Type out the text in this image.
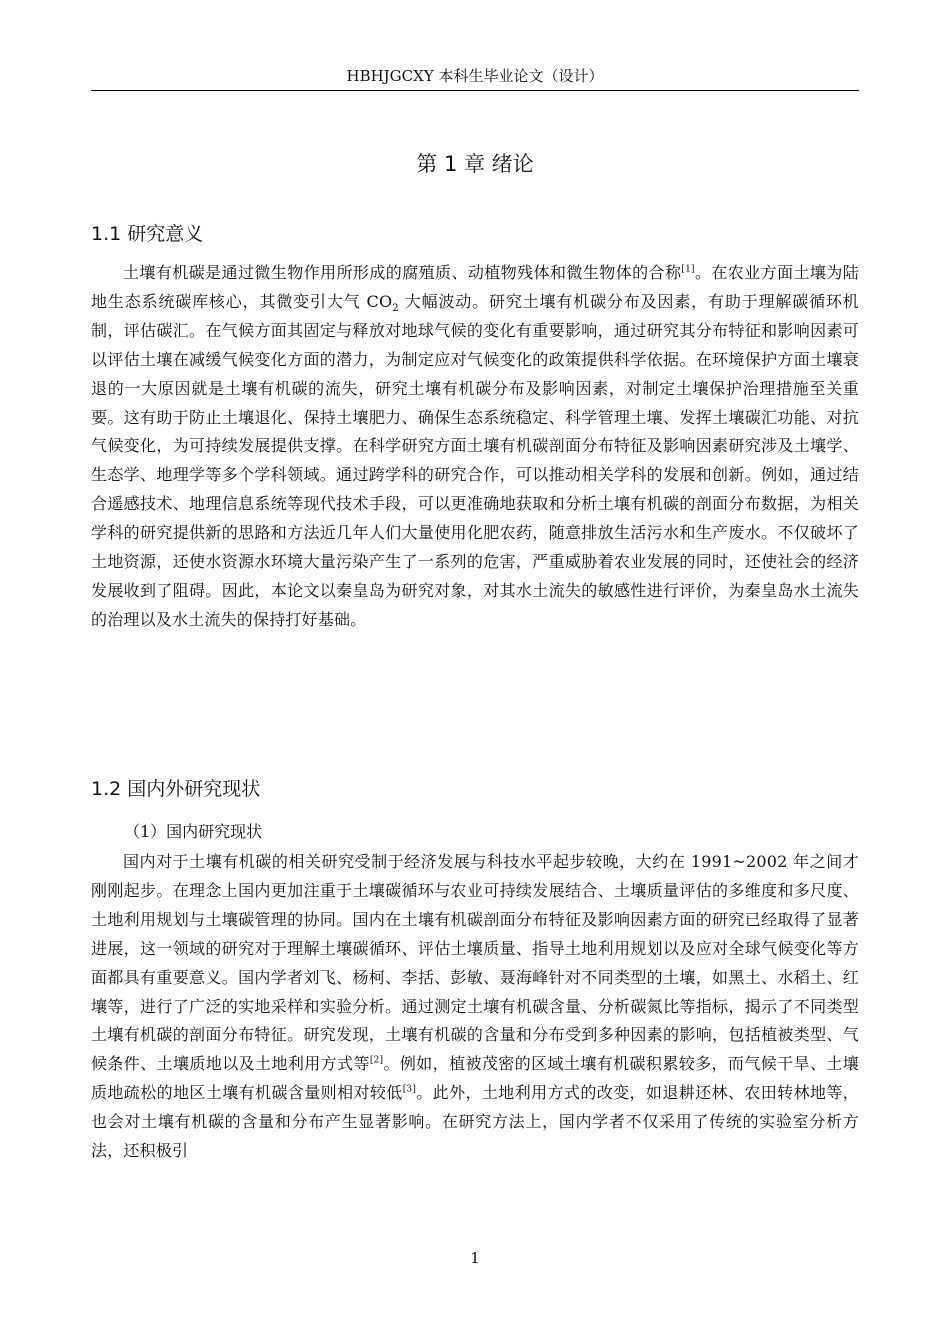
HBHJGCXY 本科生毕业论文（设计）
第 1 章 绪论
1.1 研究意义

土壤有机碳是通过微生物作用所形成的腐殖质、动植物残体和微生物体的合称[1]。在农业方面土壤为陆地生态系统碳库核心，其微变引大气 $CO_2$ 大幅波动。研究土壤有机碳分布及因素，有助于理解碳循环机制，评估碳汇。在气候方面其固定与释放对地球气候的变化有重要影响，通过研究其分布特征和影响因素可以评估土壤在减缓气候变化方面的潜力，为制定应对气候变化的政策提供科学依据。在环境保护方面土壤衰退的一大原因就是土壤有机碳的流失，研究土壤有机碳分布及影响因素，对制定土壤保护治理措施至关重要。这有助于防止土壤退化、保持土壤肥力、确保生态系统稳定、科学管理土壤、发挥土壤碳汇功能、对抗气候变化，为可持续发展提供支撑。在科学研究方面土壤有机碳剖面分布特征及影响因素研究涉及土壤学、生态学、地理学等多个学科领域。通过跨学科的研究合作，可以推动相关学科的发展和创新。例如，通过结合遥感技术、地理信息系统等现代技术手段，可以更准确地获取和分析土壤有机碳的剖面分布数据，为相关学科的研究提供新的思路和方法近几年人们大量使用化肥农药，随意排放生活污水和生产废水。不仅破坏了土地资源，还使水资源水环境大量污染产生了一系列的危害，严重威胁着农业发展的同时，还使社会的经济发展收到了阻碍。因此，本论文以秦皇岛为研究对象，对其水土流失的敏感性进行评价，为秦皇岛水土流失的治理以及水土流失的保持打好基础。

1.2 国内外研究现状

（1）国内研究现状

国内对于土壤有机碳的相关研究受制于经济发展与科技水平起步较晚，大约在 1991~2002 年之间才刚刚起步。在理念上国内更加注重于土壤碳循环与农业可持续发展结合、土壤质量评估的多维度和多尺度、土地利用规划与土壤碳管理的协同。国内在土壤有机碳剖面分布特征及影响因素方面的研究已经取得了显著进展，这一领域的研究对于理解土壤碳循环、评估土壤质量、指导土地利用规划以及应对全球气候变化等方面都具有重要意义。国内学者刘飞、杨柯、李括、彭敏、聂海峰针对不同类型的土壤，如黑土、水稻土、红壤等，进行了广泛的实地采样和实验分析。通过测定土壤有机碳含量、分析碳氮比等指标，揭示了不同类型土壤有机碳的剖面分布特征。研究发现，土壤有机碳的含量和分布受到多种因素的影响，包括植被类型、气候条件、土壤质地以及土地利用方式等[2]。例如，植被茂密的区域土壤有机碳积累较多，而气候干旱、土壤质地疏松的地区土壤有机碳含量则相对较低[3]。此外，土地利用方式的改变，如退耕还林、农田转林地等，也会对土壤有机碳的含量和分布产生显著影响。在研究方法上，国内学者不仅采用了传统的实验室分析方法，还积极引

1
